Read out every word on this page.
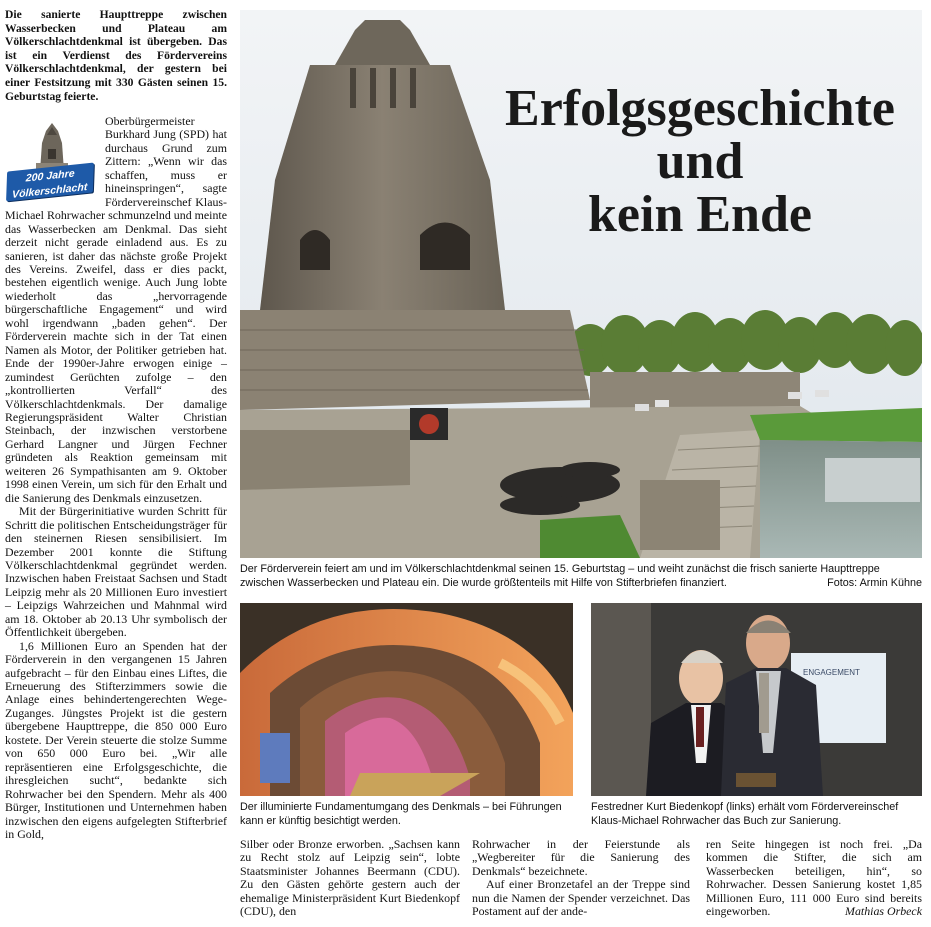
Die sanierte Haupttreppe zwischen Wasserbecken und Plateau am Völkerschlachtdenkmal ist übergeben. Das ist ein Verdienst des Fördervereins Völkerschlachtdenkmal, der gestern bei einer Festsitzung mit 330 Gästen seinen 15. Geburtstag feierte.
200 Jahre
Völkerschlacht

Oberbürgermeister Burkhard Jung (SPD) hat durchaus Grund zum Zittern: „Wenn wir das schaffen, muss er hineinspringen“, sagte Fördervereinschef Klaus-Michael Rohrwacher schmunzelnd und meinte das Wasserbecken am Denkmal. Das sieht derzeit nicht gerade einladend aus. Es zu sanieren, ist daher das nächste große Projekt des Vereins. Zweifel, dass er dies packt, bestehen eigentlich wenige. Auch Jung lobte wiederholt das „hervorragende bürgerschaftliche Engagement“ und wird wohl irgendwann „baden gehen“. Der Förderverein machte sich in der Tat einen Namen als Motor, der Politiker getrieben hat. Ende der 1990er-Jahre erwogen einige – zumindest Gerüchten zufolge – den „kontrollierten Verfall“ des Völkerschlachtdenkmals. Der damalige Regierungspräsident Walter Christian Steinbach, der inzwischen verstorbene Gerhard Langner und Jürgen Fechner gründeten als Reaktion gemeinsam mit weiteren 26 Sympathisanten am 9. Oktober 1998 einen Verein, um sich für den Erhalt und die Sanierung des Denkmals einzusetzen.

Mit der Bürgerinitiative wurden Schritt für Schritt die politischen Entscheidungsträger für den steinernen Riesen sensibilisiert. Im Dezember 2001 konnte die Stiftung Völkerschlachtdenkmal gegründet werden. Inzwischen haben Freistaat Sachsen und Stadt Leipzig mehr als 20 Millionen Euro investiert – Leipzigs Wahrzeichen und Mahnmal wird am 18. Oktober ab 20.13 Uhr symbolisch der Öffentlichkeit übergeben.

1,6 Millionen Euro an Spenden hat der Förderverein in den vergangenen 15 Jahren aufgebracht – für den Einbau eines Liftes, die Erneuerung des Stifterzimmers sowie die Anlage eines behindertengerechten Wege-Zuganges. Jüngstes Projekt ist die gestern übergebene Haupttreppe, die 850 000 Euro kostete. Der Verein steuerte die stolze Summe von 650 000 Euro bei. „Wir alle repräsentieren eine Erfolgsgeschichte, die ihresgleichen sucht“, bedankte sich Rohrwacher bei den Spendern. Mehr als 400 Bürger, Institutionen und Unternehmen haben inzwischen den eigens aufgelegten Stifterbrief in Gold,

Erfolgsgeschichte
und
kein Ende
Der Förderverein feiert am und im Völkerschlachtdenkmal seinen 15. Geburtstag – und weiht zunächst die frisch sanierte Haupttreppe zwischen Wasserbecken und Plateau ein. Die wurde größtenteils mit Hilfe von Stifterbriefen finanziert.	Fotos: Armin Kühne
Der illuminierte Fundamentumgang des Denkmals – bei Führungen kann er künftig besichtigt werden.
ENGAGEMENT
Festredner Kurt Biedenkopf (links) erhält vom Fördervereinschef Klaus-Michael Rohrwacher das Buch zur Sanierung.

Silber oder Bronze erworben. „Sachsen kann zu Recht stolz auf Leipzig sein“, lobte Staatsminister Johannes Beermann (CDU). Zu den Gästen gehörte gestern auch der ehemalige Ministerpräsident Kurt Biedenkopf (CDU), den

Rohrwacher in der Feierstunde als „Wegbereiter für die Sanierung des Denkmals“ bezeichnete.

Auf einer Bronzetafel an der Treppe sind nun die Namen der Spender verzeichnet. Das Postament auf der ande-

ren Seite hingegen ist noch frei. „Da kommen die Stifter, die sich am Wasserbecken beteiligen, hin“, so Rohrwacher. Dessen Sanierung kostet 1,85 Millionen Euro, 111 000 Euro sind bereits eingeworben.	Mathias Orbeck
